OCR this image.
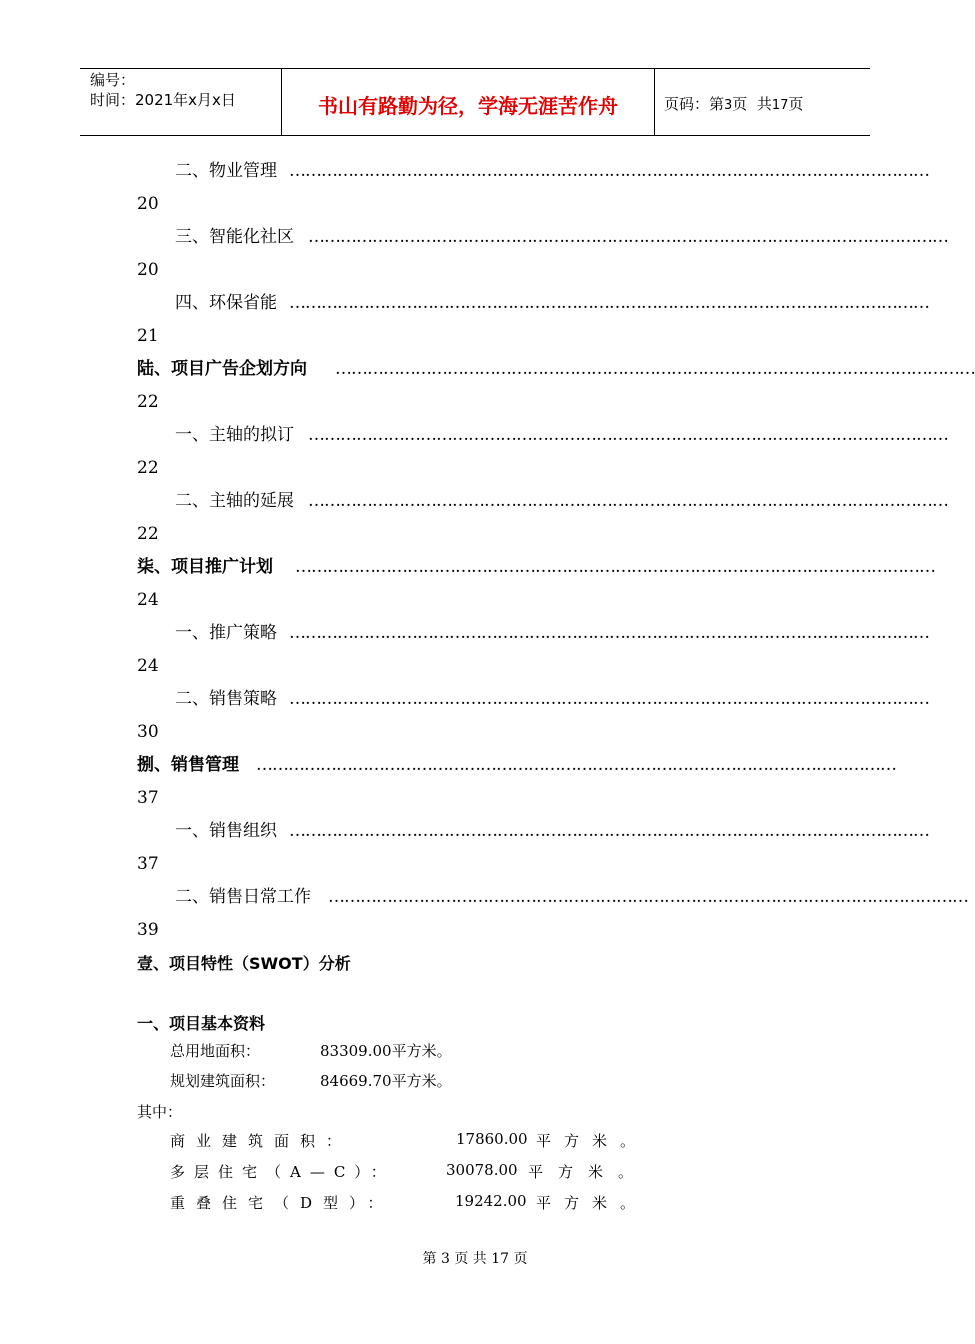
编号：
时间：2021年x月x日	书山有路勤为径，学海无涯苦作舟	页码：第3页  共17页
二、物业管理 …………………………………………………………………………………………………………
20
三、智能化社区 …………………………………………………………………………………………………………
20
四、环保省能 …………………………………………………………………………………………………………
21
陆、项目广告企划方向 …………………………………………………………………………………………………………
22
一、主轴的拟订 …………………………………………………………………………………………………………
22
二、主轴的延展 …………………………………………………………………………………………………………
22
柒、项目推广计划 …………………………………………………………………………………………………………
24
一、推广策略 …………………………………………………………………………………………………………
24
二、销售策略 …………………………………………………………………………………………………………
30
捌、销售管理 …………………………………………………………………………………………………………
37
一、销售组织 …………………………………………………………………………………………………………
37
二、销售日常工作 …………………………………………………………………………………………………………
39
壹、项目特性（SWOT）分析
一、项目基本资料
总用地面积：	83309.00平方米。
规划建筑面积：	84669.70平方米。
其中：
商业建筑面积：	17860.00 平方米。
多层住宅（A—C）：	30078.00 平方米。
重叠住宅（D型）：	19242.00 平方米。
第 3 页 共 17 页
